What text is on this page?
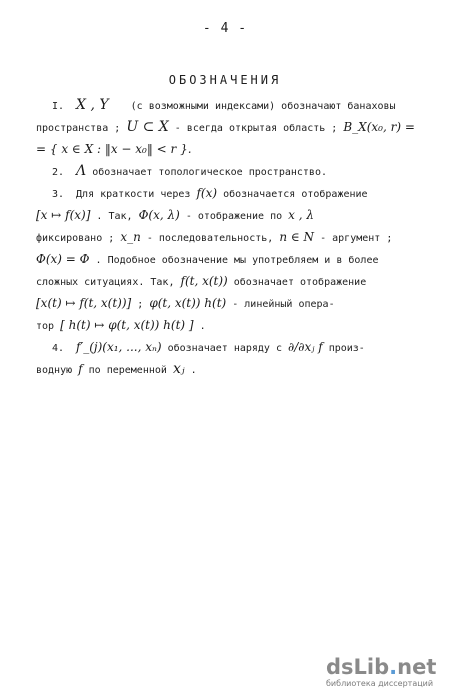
- 4 -
ОБОЗНАЧЕНИЯ
I. X , Y (с возможными индексами) обозначают банаховы
пространства ; U ⊂ X - всегда открытая область ; B_X(x₀, r) =
= { x ∈ X : ‖x − x₀‖ < r }.
2. Λ обозначает топологическое пространство.
3. Для краткости через f(x) обозначается отображение
[x ↦ f(x)] . Так, Φ(x, λ) - отображение по x , λ
фиксировано ; x_n - последовательность, n ∈ N - аргумент ;
Φ(x) = Φ . Подобное обозначение мы употребляем и в более
сложных ситуациях. Так, f(t, x(t)) обозначает отображение
[x(t) ↦ f(t, x(t))] ; φ(t, x(t)) h(t) - линейный опера-
тор [ h(t) ↦ φ(t, x(t)) h(t) ] .
4. f′_(j)(x₁, ..., xₙ) обозначает наряду с ∂/∂xⱼ f произ-
водную f по переменной xⱼ .
dsLib.net
библиотека диссертаций
